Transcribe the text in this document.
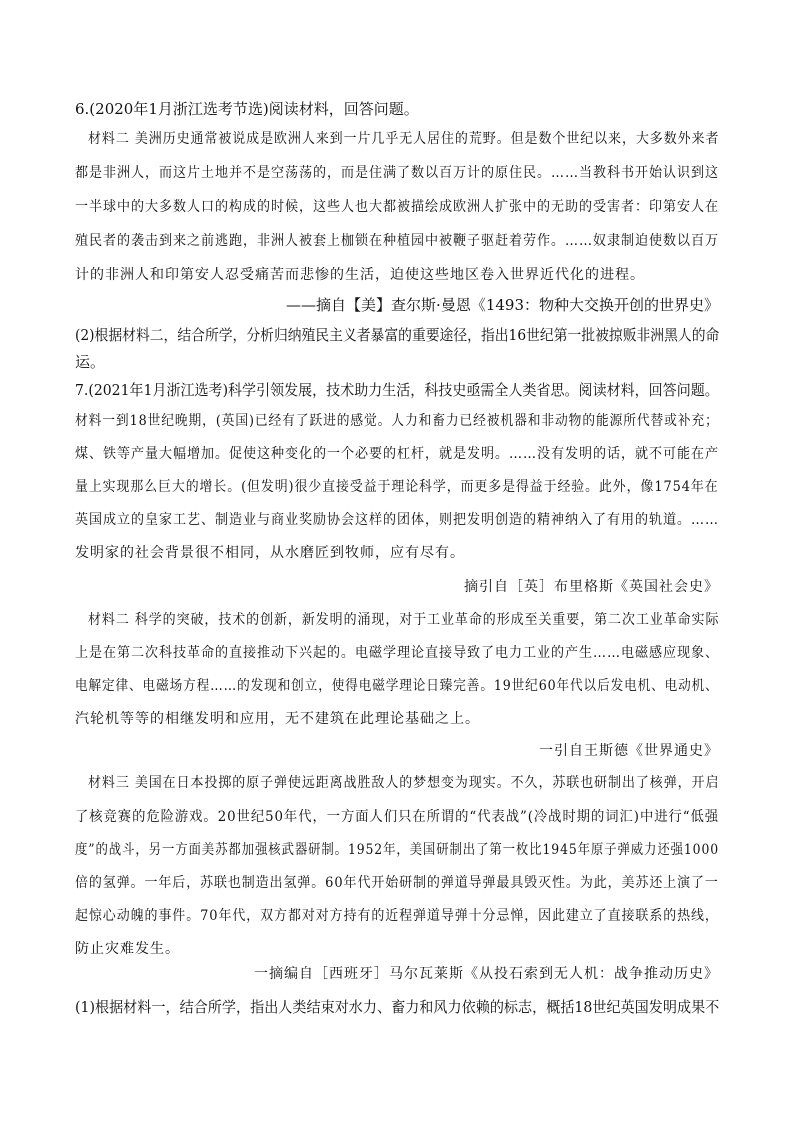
6.(2020年1月浙江选考节选)阅读材料，回答问题。
材料二 美洲历史通常被说成是欧洲人来到一片几乎无人居住的荒野。但是数个世纪以来，大多数外来者
都是非洲人，而这片土地并不是空荡荡的，而是住满了数以百万计的原住民。……当教科书开始认识到这
一半球中的大多数人口的构成的时候，这些人也大都被描绘成欧洲人扩张中的无助的受害者：印第安人在
殖民者的袭击到来之前逃跑，非洲人被套上枷锁在种植园中被鞭子驱赶着劳作。……奴隶制迫使数以百万
计的非洲人和印第安人忍受痛苦而悲惨的生活，迫使这些地区卷入世界近代化的进程。
——摘自【美】查尔斯·曼恩《1493：物种大交换开创的世界史》
(2)根据材料二，结合所学，分析归纳殖民主义者暴富的重要途径，指出16世纪第一批被掠贩非洲黑人的命
运。
7.(2021年1月浙江选考)科学引领发展，技术助力生活，科技史亟需全人类省思。阅读材料，回答问题。
材料一到18世纪晚期，(英国)已经有了跃进的感觉。人力和畜力已经被机器和非动物的能源所代替或补充；
煤、铁等产量大幅增加。促使这种变化的一个必要的杠杆，就是发明。……没有发明的话，就不可能在产
量上实现那么巨大的增长。(但发明)很少直接受益于理论科学，而更多是得益于经验。此外，像1754年在
英国成立的皇家工艺、制造业与商业奖励协会这样的团体，则把发明创造的精神纳入了有用的轨道。……
发明家的社会背景很不相同，从水磨匠到牧师，应有尽有。
摘引自［英］布里格斯《英国社会史》
材料二 科学的突破，技术的创新，新发明的涌现，对于工业革命的形成至关重要，第二次工业革命实际
上是在第二次科技革命的直接推动下兴起的。电磁学理论直接导致了电力工业的产生……电磁感应现象、
电解定律、电磁场方程……的发现和创立，使得电磁学理论日臻完善。19世纪60年代以后发电机、电动机、
汽轮机等等的相继发明和应用，无不建筑在此理论基础之上。
一引自王斯德《世界通史》
材料三 美国在日本投掷的原子弹使远距离战胜敌人的梦想变为现实。不久，苏联也研制出了核弹，开启
了核竞赛的危险游戏。20世纪50年代，一方面人们只在所谓的“代表战”(冷战时期的词汇)中进行“低强
度”的战斗，另一方面美苏都加强核武器研制。1952年，美国研制出了第一枚比1945年原子弹威力还强1000
倍的氢弹。一年后，苏联也制造出氢弹。60年代开始研制的弹道导弹最具毁灭性。为此，美苏还上演了一
起惊心动魄的事件。70年代，双方都对对方持有的近程弹道导弹十分忌惮，因此建立了直接联系的热线，
防止灾难发生。
一摘编自［西班牙］马尔瓦莱斯《从投石索到无人机：战争推动历史》
(1)根据材料一，结合所学，指出人类结束对水力、畜力和风力依赖的标志，概括18世纪英国发明成果不
